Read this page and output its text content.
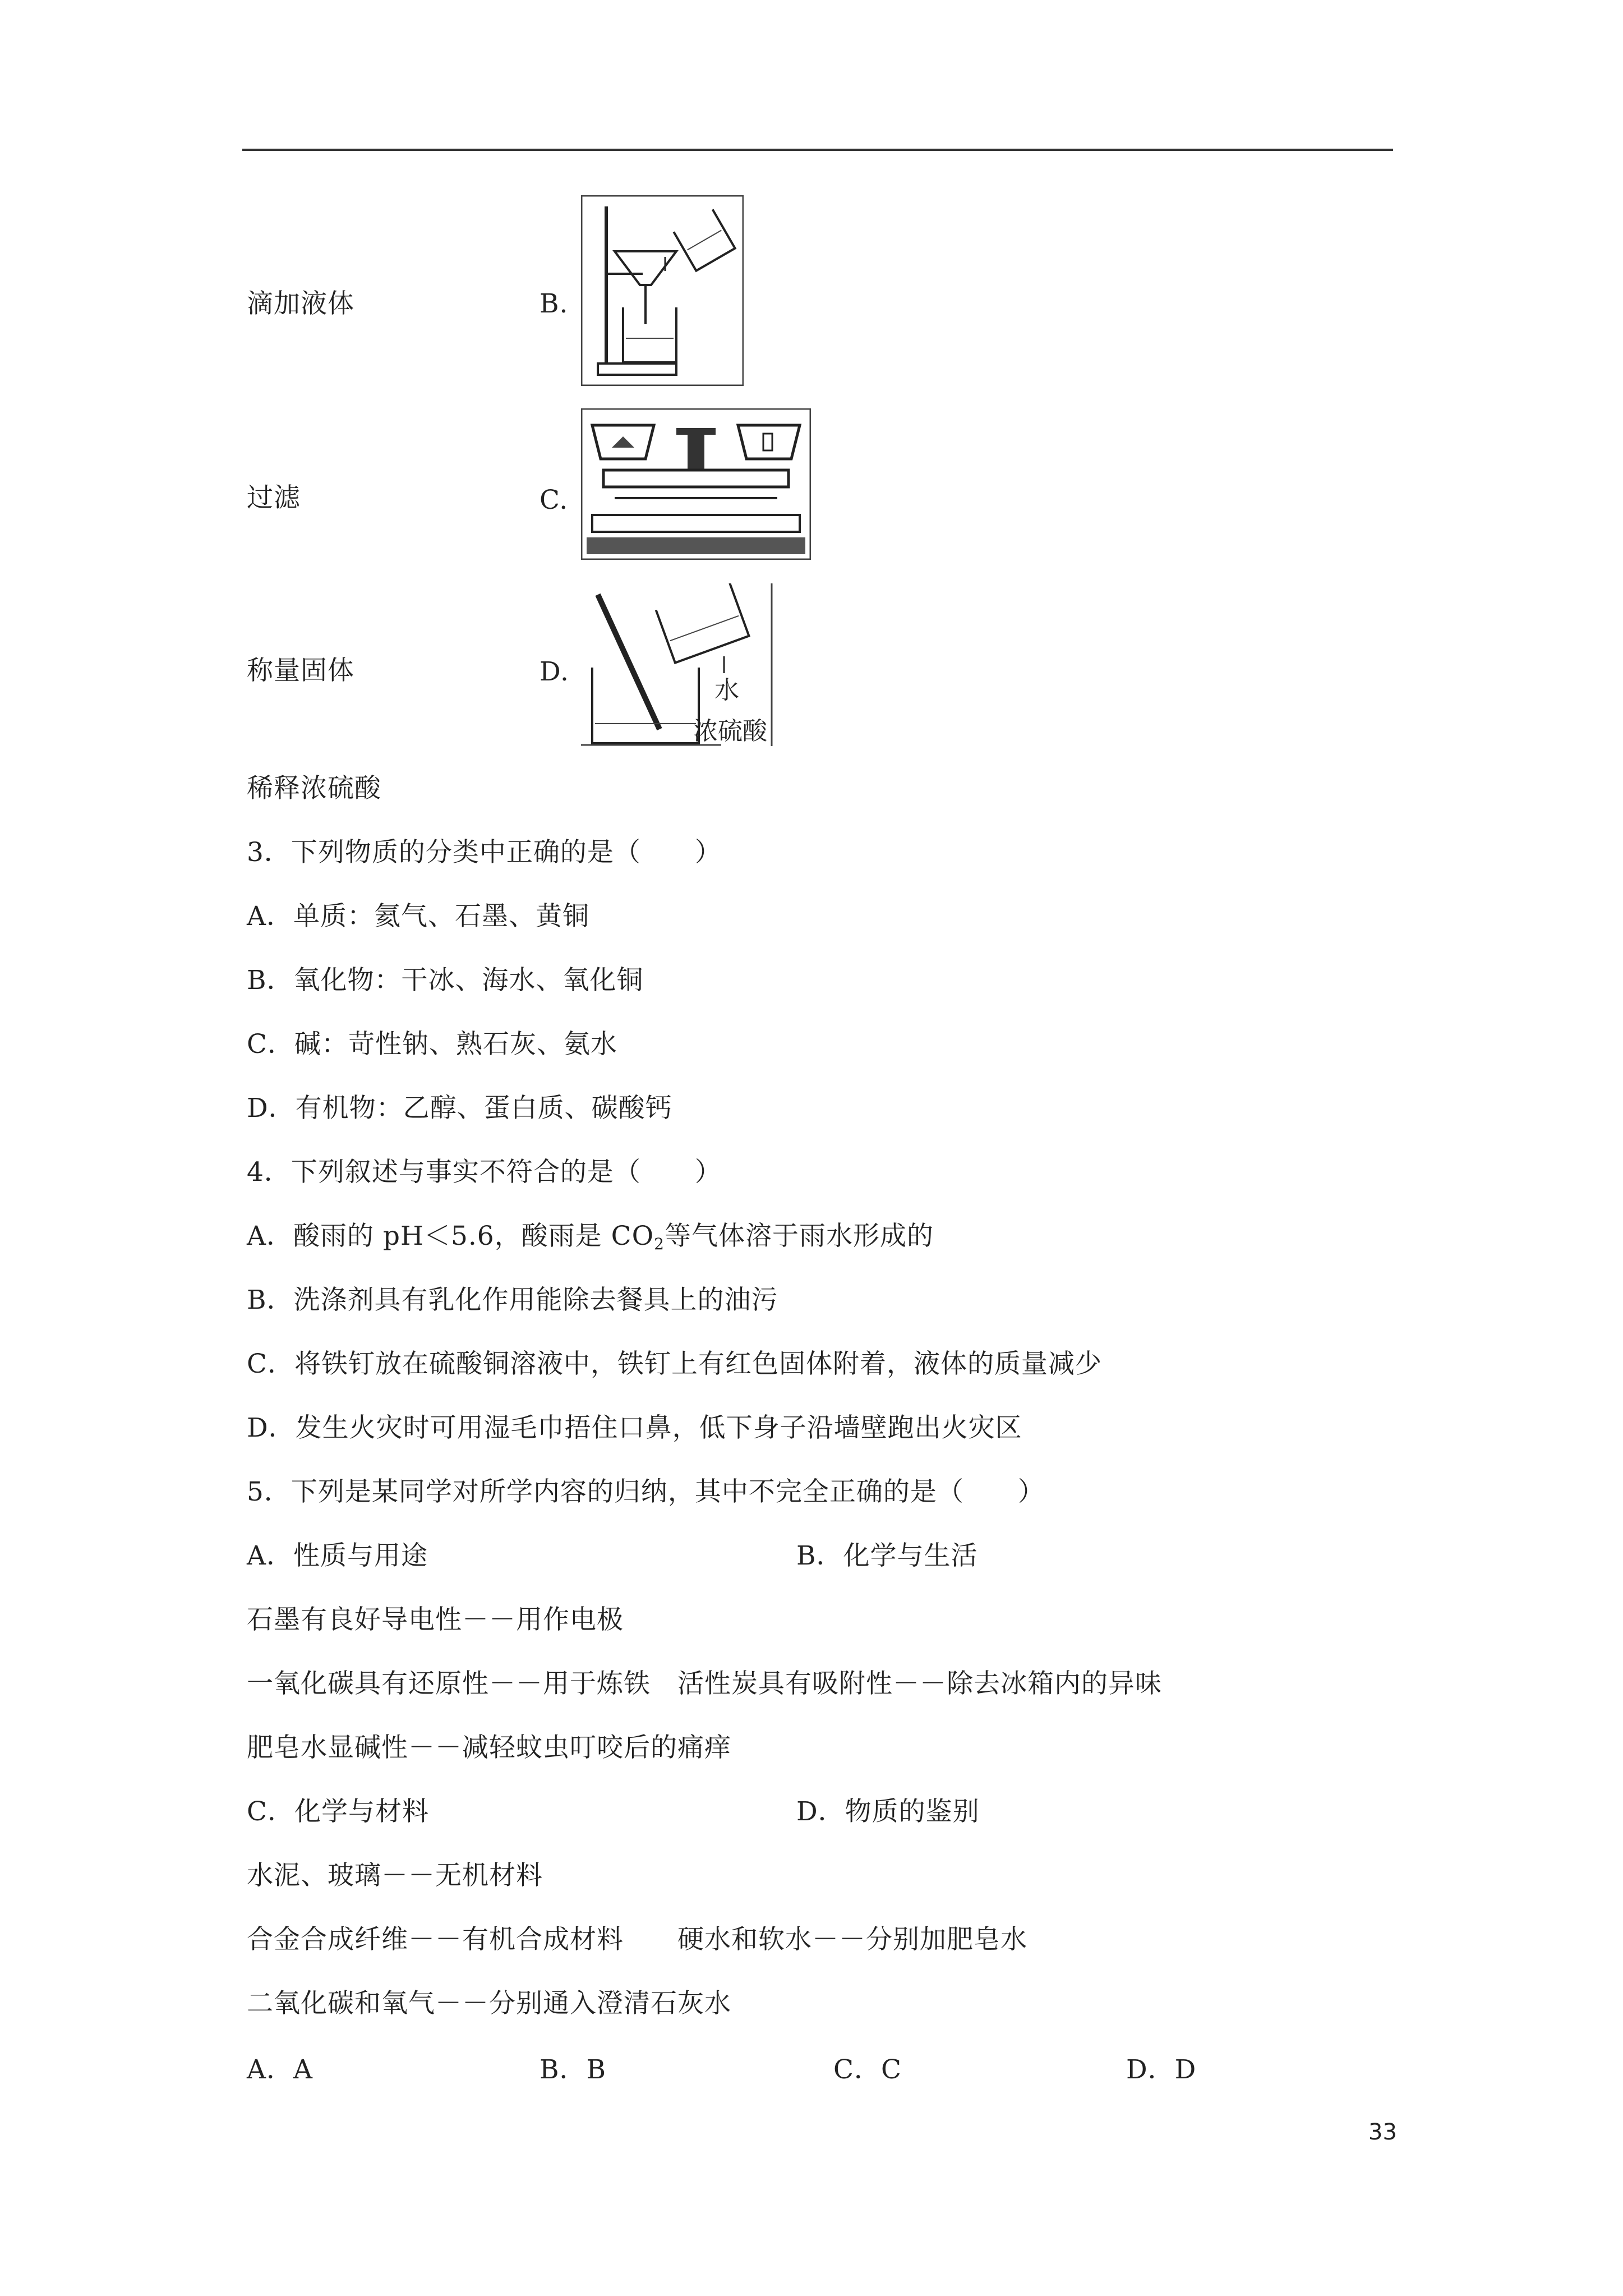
滴加液体	B.
过滤	C.
称量固体	D.
水
浓硫酸
稀释浓硫酸
3．下列物质的分类中正确的是（　　）
A．单质：氦气、石墨、黄铜
B．氧化物：干冰、海水、氧化铜
C．碱：苛性钠、熟石灰、氨水
D．有机物：乙醇、蛋白质、碳酸钙
4．下列叙述与事实不符合的是（　　）
A．酸雨的 pH＜5.6，酸雨是 $CO_2$等气体溶于雨水形成的
B．洗涤剂具有乳化作用能除去餐具上的油污
C．将铁钉放在硫酸铜溶液中，铁钉上有红色固体附着，液体的质量减少
D．发生火灾时可用湿毛巾捂住口鼻，低下身子沿墙壁跑出火灾区
5．下列是某同学对所学内容的归纳，其中不完全正确的是（　　）
A．性质与用途	B．化学与生活
石墨有良好导电性－－用作电极
一氧化碳具有还原性－－用于炼铁　活性炭具有吸附性－－除去冰箱内的异味
肥皂水显碱性－－减轻蚊虫叮咬后的痛痒
C．化学与材料	D．物质的鉴别
水泥、玻璃－－无机材料
合金合成纤维－－有机合成材料　　硬水和软水－－分别加肥皂水
二氧化碳和氧气－－分别通入澄清石灰水
A．A	B．B	C．C	D．D
33
